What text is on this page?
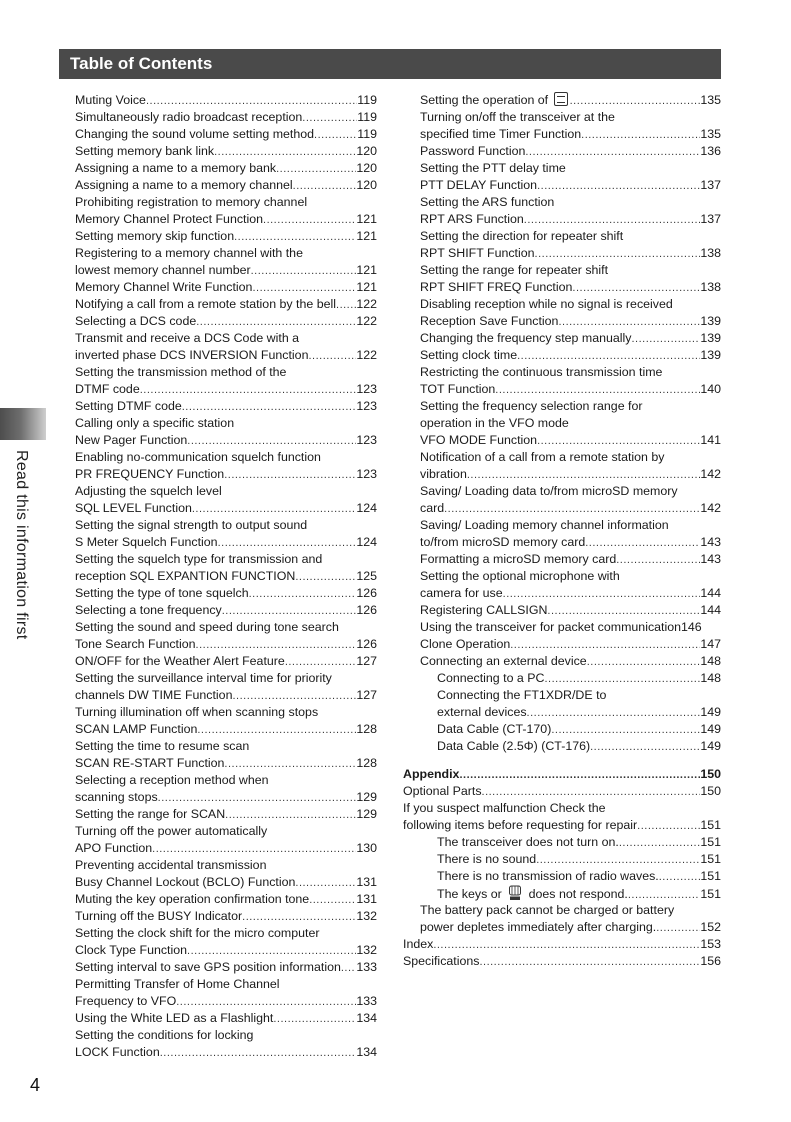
Table of Contents
Muting Voice .....	119
Simultaneously radio broadcast reception .....	119
Changing the sound volume setting method .....	119
Setting memory bank link .....	120
Assigning a name to a memory bank .....	120
Assigning a name to a memory channel .....	120
Prohibiting registration to memory channel
Memory Channel Protect Function .....	121
Setting memory skip function .....	121
Registering to a memory channel with the
lowest memory channel number .....	121
Memory Channel Write Function .....	121
Notifying a call from a remote station by the bell ..... 122
Selecting a DCS code .....	122
Transmit and receive a DCS Code with a
inverted phase DCS INVERSION Function .....	122
Setting the transmission method of the
DTMF code .....	123
Setting DTMF code .....	123
Calling only a specific station
New Pager Function .....	123
Enabling no-communication squelch function
PR FREQUENCY Function .....	123
Adjusting the squelch level
SQL LEVEL Function .....	124
Setting the signal strength to output sound
S Meter Squelch Function .....	124
Setting the squelch type for transmission and
reception SQL EXPANTION FUNCTION .....	125
Setting the type of tone squelch .....	126
Selecting a tone frequency .....	126
Setting the sound and speed during tone search
Tone Search Function .....	126
ON/OFF for the Weather Alert Feature .....	127
Setting the surveillance interval time for priority
channels DW TIME Function .....	127
Turning illumination off when scanning stops
SCAN LAMP Function .....	128
Setting the time to resume scan
SCAN RE-START Function .....	128
Selecting a reception method when
scanning stops .....	129
Setting the range for SCAN .....	129
Turning off the power automatically
APO Function .....	130
Preventing accidental transmission
Busy Channel Lockout (BCLO) Function .....	131
Muting the key operation confirmation tone .....	131
Turning off the BUSY Indicator .....	132
Setting the clock shift for the micro computer
Clock Type Function .....	132
Setting interval to save GPS position information ..... 133
Permitting Transfer of Home Channel
Frequency to VFO .....	133
Using the White LED as a Flashlight .....	134
Setting the conditions for locking
LOCK Function .....	134
Setting the operation of .....	135
Turning on/off the transceiver at the
specified time Timer Function .....	135
Password Function .....	136
Setting the PTT delay time
PTT DELAY Function .....	137
Setting the ARS function
RPT ARS Function .....	137
Setting the direction for repeater shift
RPT SHIFT Function .....	138
Setting the range for repeater shift
RPT SHIFT FREQ Function .....	138
Disabling reception while no signal is received
Reception Save Function .....	139
Changing the frequency step manually .....	139
Setting clock time .....	139
Restricting the continuous transmission time
TOT Function .....	140
Setting the frequency selection range for
operation in the VFO mode
VFO MODE Function .....	141
Notification of a call from a remote station by
vibration .....	142
Saving/ Loading data to/from microSD memory
card .....	142
Saving/ Loading memory channel information
to/from microSD memory card .....	143
Formatting a microSD memory card .....	143
Setting the optional microphone with
camera for use .....	144
Registering CALLSIGN .....	144
Using the transceiver for packet communication 146
Clone Operation .....	147
Connecting an external device .....	148
Connecting to a PC .....	148
Connecting the FT1XDR/DE to
external devices .....	149
Data Cable (CT-170) .....	149
Data Cable (2.5Φ) (CT-176) .....	149
Appendix .....	150
Optional Parts .....	150
If you suspect malfunction Check the
following items before requesting for repair .....	151
The transceiver does not turn on. .....	151
There is no sound .....	151
There is no transmission of radio waves. .....	151
The keys or  does not respond. .....	151
The battery pack cannot be charged or battery
power depletes immediately after charging. .....	152
Index .....	153
Specifications .....	156
Read this information first
4
